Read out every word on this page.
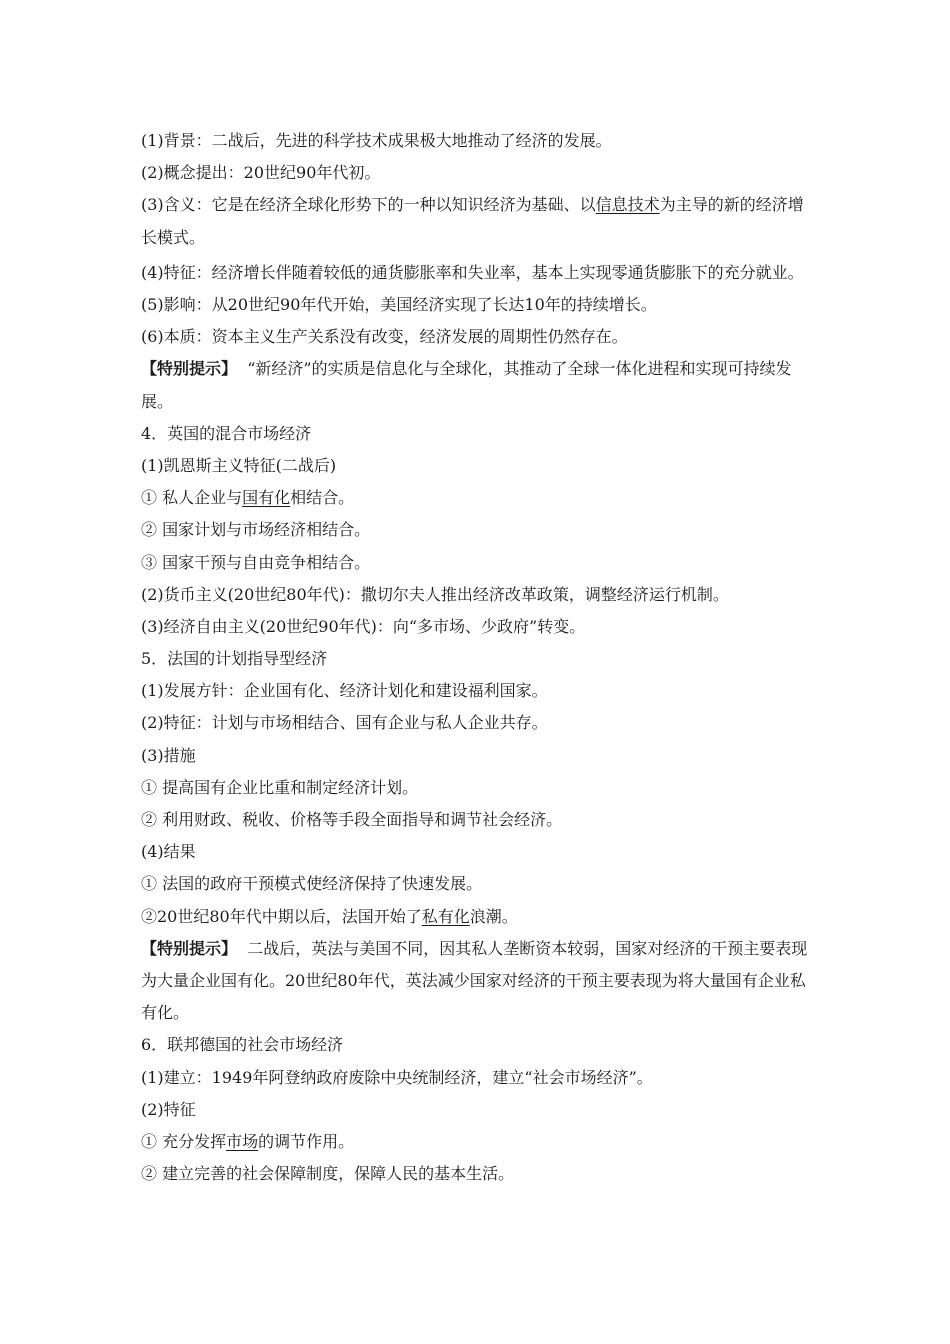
(1)背景：二战后，先进的科学技术成果极大地推动了经济的发展。
(2)概念提出：20世纪90年代初。
(3)含义：它是在经济全球化形势下的一种以知识经济为基础、以信息技术为主导的新的经济增长模式。
(4)特征：经济增长伴随着较低的通货膨胀率和失业率，基本上实现零通货膨胀下的充分就业。
(5)影响：从20世纪90年代开始，美国经济实现了长达10年的持续增长。
(6)本质：资本主义生产关系没有改变，经济发展的周期性仍然存在。
【特别提示】 “新经济”的实质是信息化与全球化，其推动了全球一体化进程和实现可持续发展。
4．英国的混合市场经济
(1)凯恩斯主义特征(二战后)
① 私人企业与国有化相结合。
② 国家计划与市场经济相结合。
③ 国家干预与自由竞争相结合。
(2)货币主义(20世纪80年代)：撒切尔夫人推出经济改革政策，调整经济运行机制。
(3)经济自由主义(20世纪90年代)：向“多市场、少政府”转变。
5．法国的计划指导型经济
(1)发展方针：企业国有化、经济计划化和建设福利国家。
(2)特征：计划与市场相结合、国有企业与私人企业共存。
(3)措施
① 提高国有企业比重和制定经济计划。
② 利用财政、税收、价格等手段全面指导和调节社会经济。
(4)结果
① 法国的政府干预模式使经济保持了快速发展。
②20世纪80年代中期以后，法国开始了私有化浪潮。
【特别提示】 二战后，英法与美国不同，因其私人垄断资本较弱，国家对经济的干预主要表现为大量企业国有化。20世纪80年代，英法减少国家对经济的干预主要表现为将大量国有企业私有化。
6．联邦德国的社会市场经济
(1)建立：1949年阿登纳政府废除中央统制经济，建立“社会市场经济”。
(2)特征
① 充分发挥市场的调节作用。
② 建立完善的社会保障制度，保障人民的基本生活。
